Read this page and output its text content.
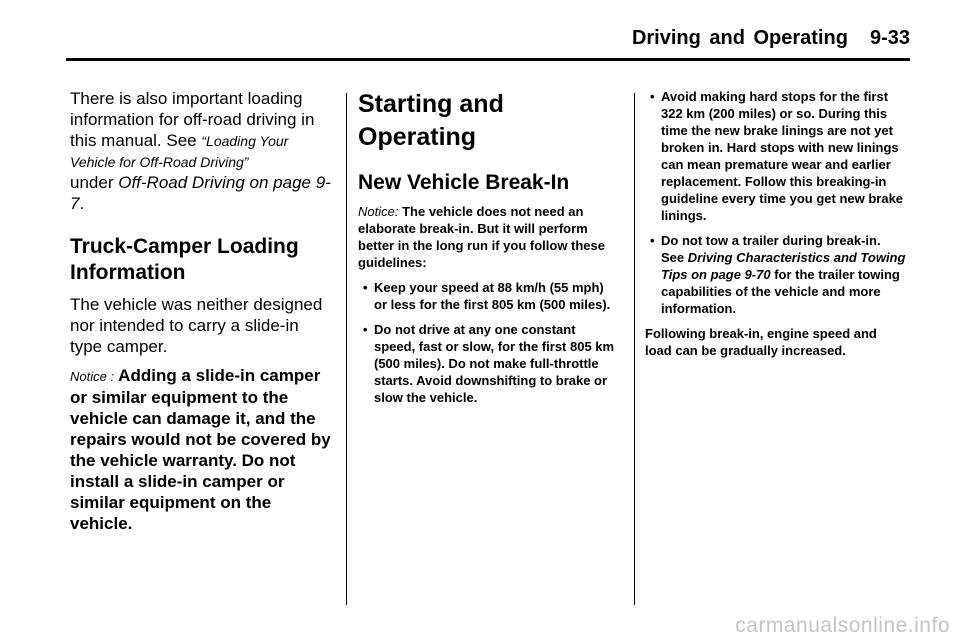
Driving and Operating 9-33
There is also important loading information for off-road driving in this manual. See “Loading Your Vehicle for Off-Road Driving”
under Off-Road Driving on page 9-7.
Truck-Camper Loading Information
The vehicle was neither designed nor intended to carry a slide-in type camper.
Notice : Adding a slide-in camper or similar equipment to the vehicle can damage it, and the repairs would not be covered by the vehicle warranty. Do not install a slide-in camper or similar equipment on the vehicle.
Starting and Operating
New Vehicle Break-In
Notice: The vehicle does not need an elaborate break-in. But it will perform better in the long run if you follow these guidelines:
• Keep your speed at 88 km/h (55 mph) or less for the first 805 km (500 miles).
• Do not drive at any one constant speed, fast or slow, for the first 805 km (500 miles). Do not make full-throttle starts. Avoid downshifting to brake or slow the vehicle.
• Avoid making hard stops for the first 322 km (200 miles) or so. During this time the new brake linings are not yet broken in. Hard stops with new linings can mean premature wear and earlier replacement. Follow this breaking-in guideline every time you get new brake linings.
• Do not tow a trailer during break-in. See Driving Characteristics and Towing Tips on page 9-70 for the trailer towing capabilities of the vehicle and more information.
Following break-in, engine speed and load can be gradually increased.
carmanualsonline.info
